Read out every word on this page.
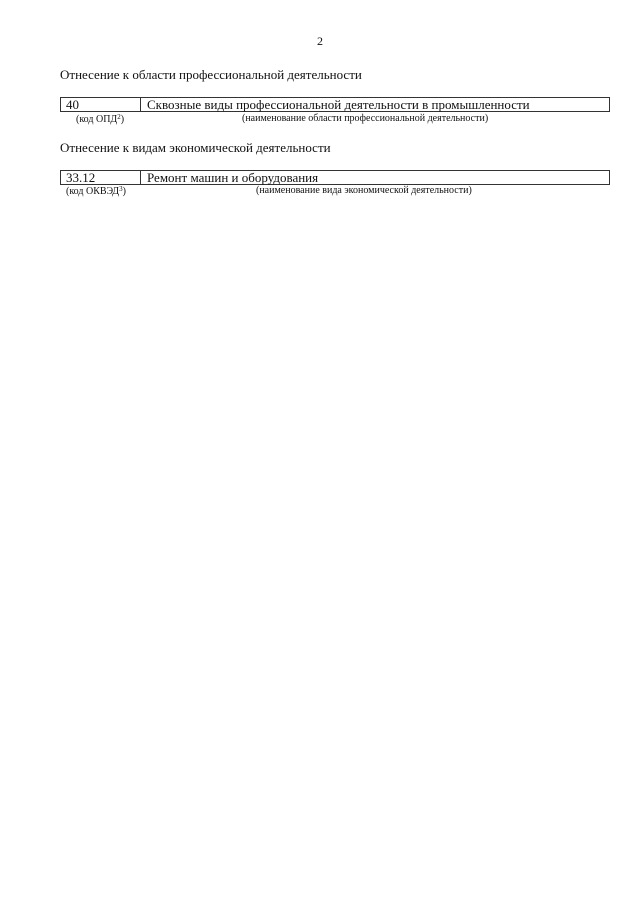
2
Отнесение к области профессиональной деятельности
40	Сквозные виды профессиональной деятельности в промышленности
(код ОПД$^2$)	(наименование области профессиональной деятельности)
Отнесение к видам экономической деятельности
33.12	Ремонт машин и оборудования
(код ОКВЭД$^3$)	(наименование вида экономической деятельности)
